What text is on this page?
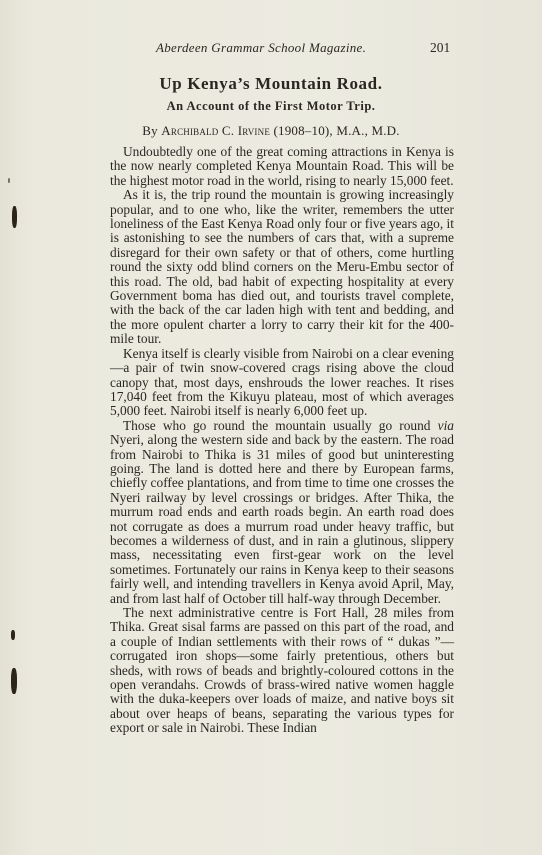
Aberdeen Grammar School Magazine.	201
Up Kenya’s Mountain Road.
An Account of the First Motor Trip.
By Archibald C. Irvine (1908–10), M.A., M.D.

Undoubtedly one of the great coming attractions in Kenya is the now nearly completed Kenya Mountain Road. This will be the highest motor road in the world, rising to nearly 15,000 feet.

As it is, the trip round the mountain is growing increasingly popular, and to one who, like the writer, remembers the utter loneliness of the East Kenya Road only four or five years ago, it is astonishing to see the numbers of cars that, with a supreme disregard for their own safety or that of others, come hurtling round the sixty odd blind corners on the Meru-Embu sector of this road. The old, bad habit of expecting hospitality at every Government boma has died out, and tourists travel complete, with the back of the car laden high with tent and bedding, and the more opulent charter a lorry to carry their kit for the 400-mile tour.

Kenya itself is clearly visible from Nairobi on a clear evening—a pair of twin snow-covered crags rising above the cloud canopy that, most days, enshrouds the lower reaches. It rises 17,040 feet from the Kikuyu plateau, most of which averages 5,000 feet. Nairobi itself is nearly 6,000 feet up.

Those who go round the mountain usually go round via Nyeri, along the western side and back by the eastern. The road from Nairobi to Thika is 31 miles of good but uninteresting going. The land is dotted here and there by European farms, chiefly coffee plantations, and from time to time one crosses the Nyeri railway by level crossings or bridges. After Thika, the murrum road ends and earth roads begin. An earth road does not corrugate as does a murrum road under heavy traffic, but becomes a wilderness of dust, and in rain a glutinous, slippery mass, necessitating even first-gear work on the level sometimes. Fortunately our rains in Kenya keep to their seasons fairly well, and intending travellers in Kenya avoid April, May, and from last half of October till half-way through December.

The next administrative centre is Fort Hall, 28 miles from Thika. Great sisal farms are passed on this part of the road, and a couple of Indian settlements with their rows of “ dukas ”—corrugated iron shops—some fairly pretentious, others but sheds, with rows of beads and brightly-coloured cottons in the open verandahs. Crowds of brass-wired native women haggle with the duka-keepers over loads of maize, and native boys sit about over heaps of beans, separating the various types for export or sale in Nairobi. These Indian
